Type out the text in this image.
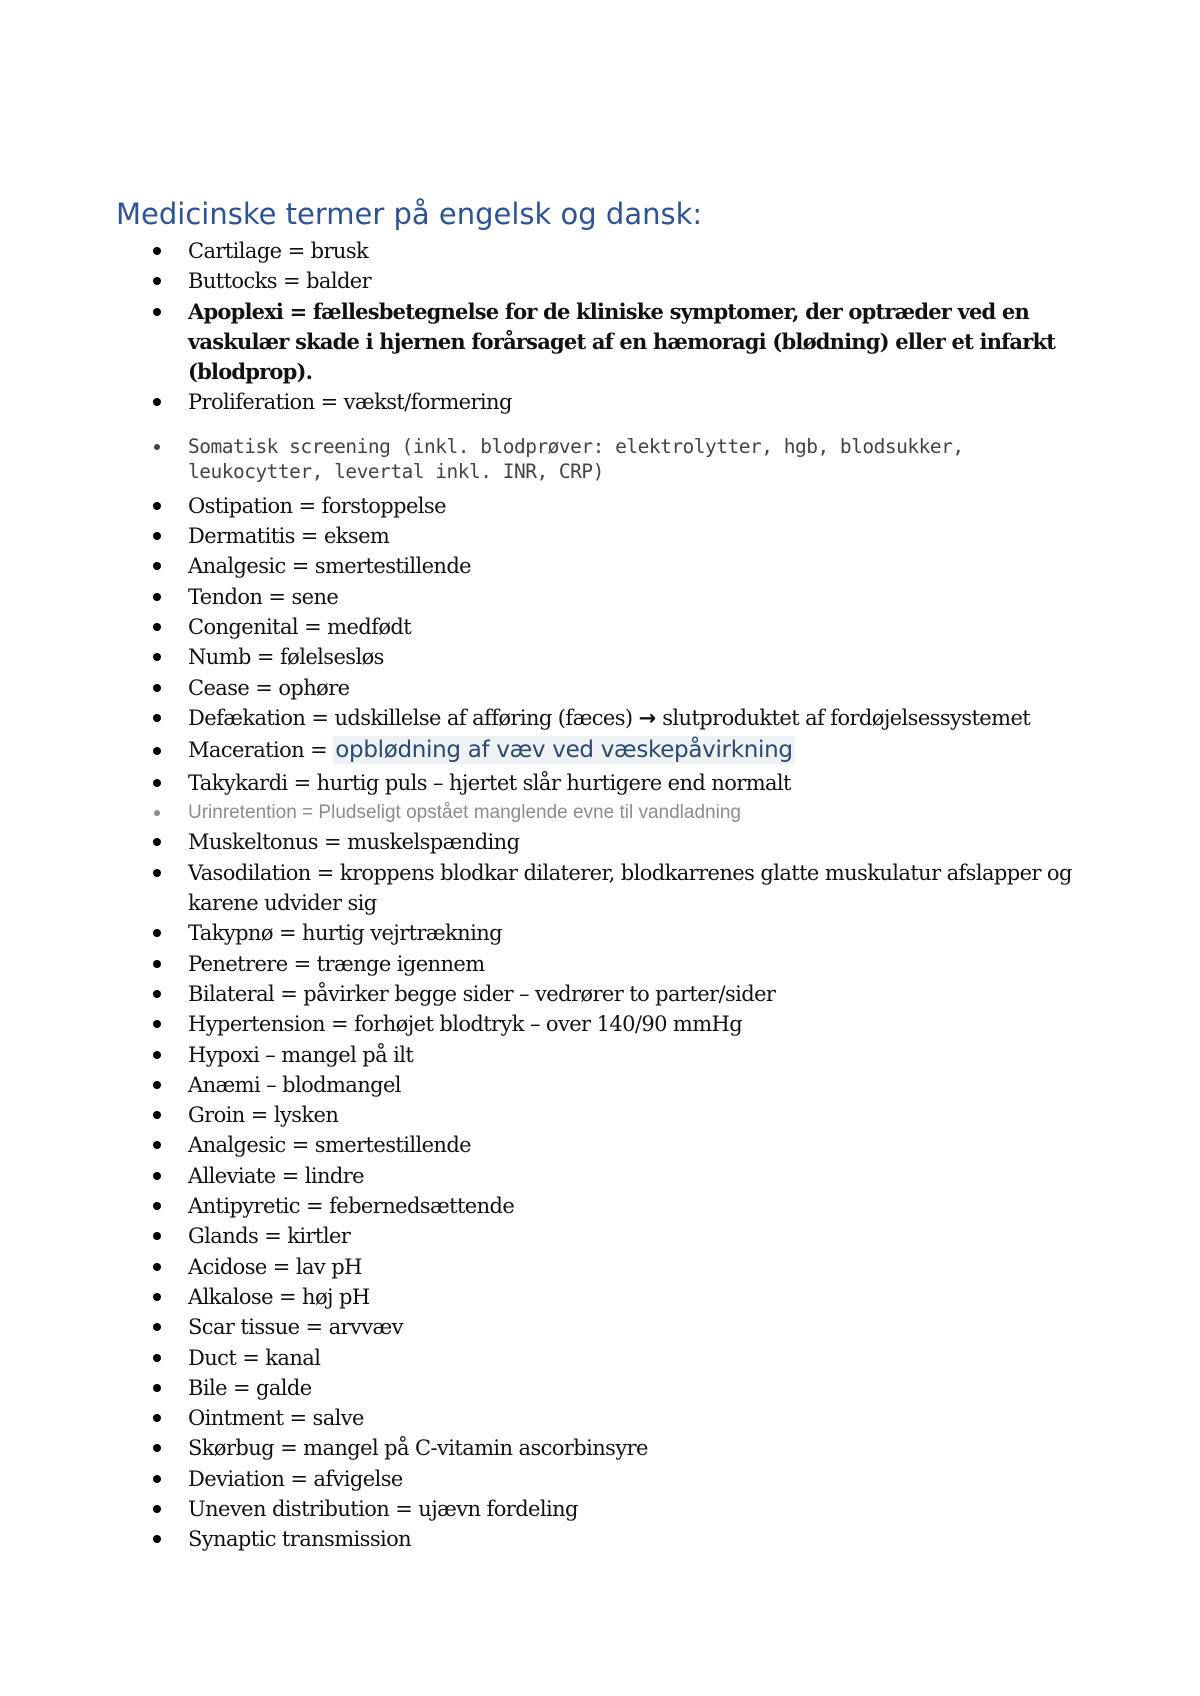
Medicinske termer på engelsk og dansk:
Cartilage = brusk
Buttocks = balder
Apoplexi = fællesbetegnelse for de kliniske symptomer, der optræder ved en vaskulær skade i hjernen forårsaget af en hæmoragi (blødning) eller et infarkt (blodprop).
Proliferation = vækst/formering
Somatisk screening (inkl. blodprøver: elektrolytter, hgb, blodsukker, leukocytter, levertal inkl. INR, CRP)
Ostipation = forstoppelse
Dermatitis = eksem
Analgesic = smertestillende
Tendon = sene
Congenital = medfødt
Numb = følelsesløs
Cease = ophøre
Defækation = udskillelse af afføring (fæces) → slutproduktet af fordøjelsessystemet
Maceration = opblødning af væv ved væskepåvirkning
Takykardi = hurtig puls – hjertet slår hurtigere end normalt
Urinretention = Pludseligt opstået manglende evne til vandladning
Muskeltonus = muskelspænding
Vasodilation = kroppens blodkar dilaterer, blodkarrenes glatte muskulatur afslapper og karene udvider sig
Takypnø = hurtig vejrtrækning
Penetrere = trænge igennem
Bilateral = påvirker begge sider – vedrører to parter/sider
Hypertension = forhøjet blodtryk – over 140/90 mmHg
Hypoxi – mangel på ilt
Anæmi – blodmangel
Groin = lysken
Analgesic = smertestillende
Alleviate = lindre
Antipyretic = febernedsættende
Glands = kirtler
Acidose = lav pH
Alkalose = høj pH
Scar tissue = arvvæv
Duct = kanal
Bile = galde
Ointment = salve
Skørbug = mangel på C-vitamin ascorbinsyre
Deviation = afvigelse
Uneven distribution = ujævn fordeling
Synaptic transmission
